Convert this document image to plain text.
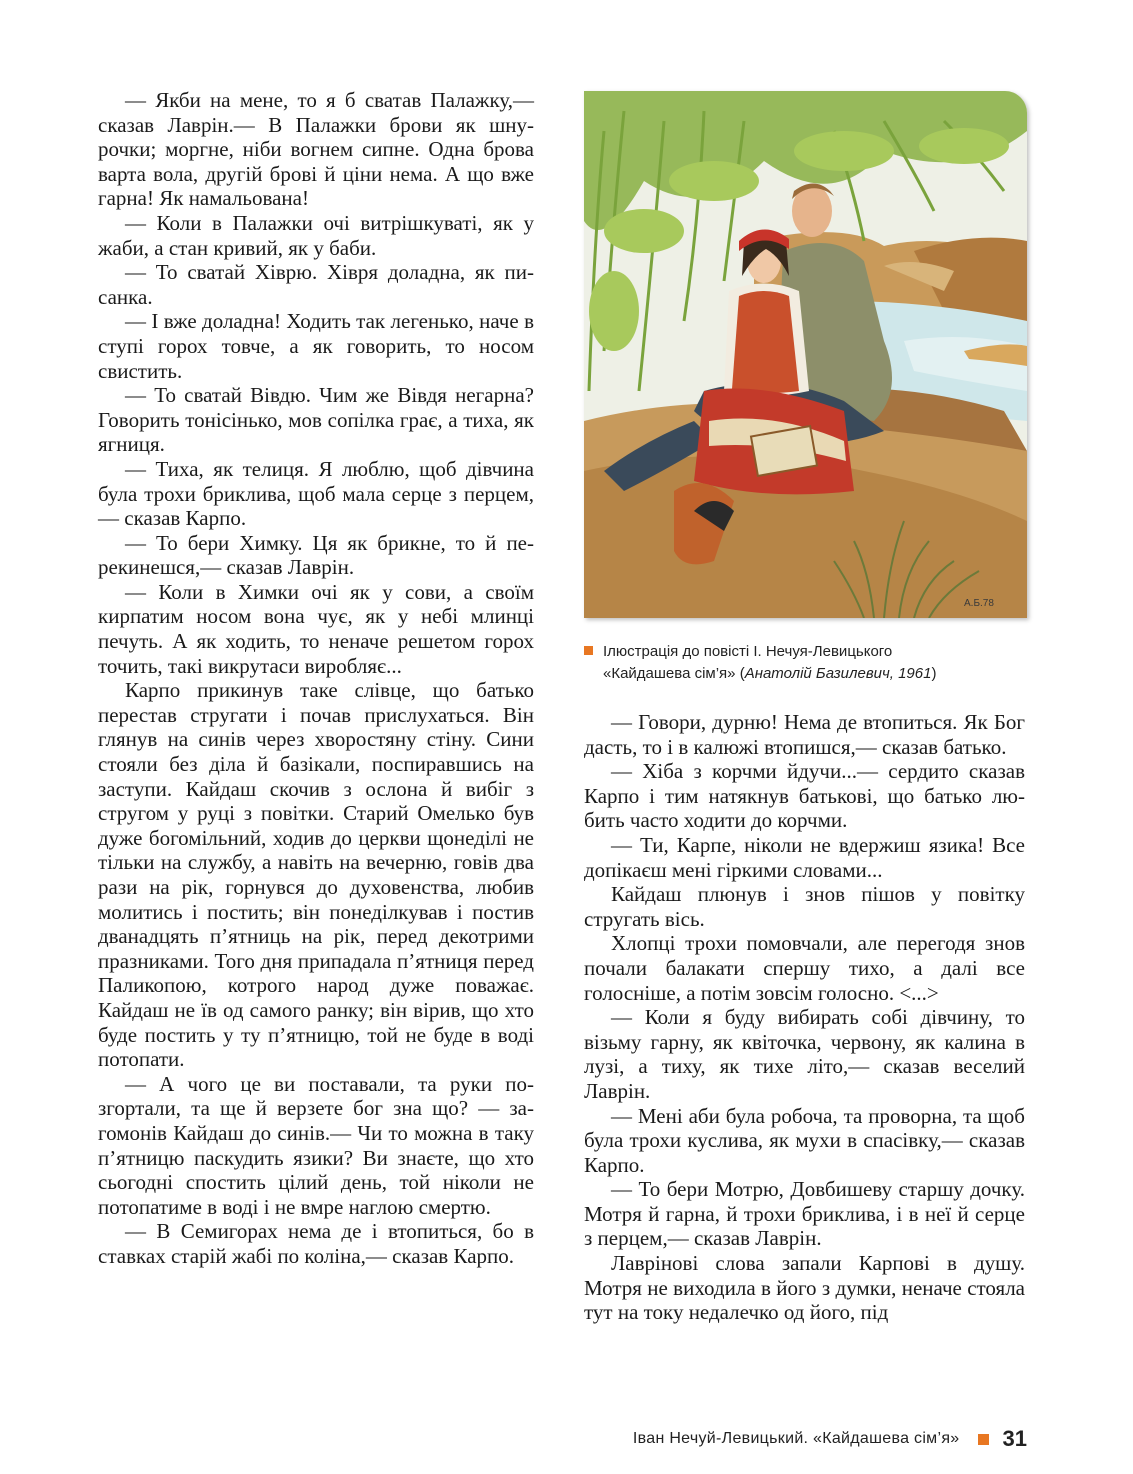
— Якби на мене, то я б сватав Палажку,— сказав Лаврін.— В Палажки брови як шнурочки; моргне, ніби вогнем сипне. Одна брова варта вола, другій брові й ціни нема. А що вже гарна! Як намальована!

— Коли в Палажки очі витрішкуваті, як у жаби, а стан кривий, як у баби.

— То сватай Хіврю. Хівря доладна, як писанка.

— І вже доладна! Ходить так легенько, наче в ступі горох товче, а як говорить, то носом свистить.

— То сватай Вівдю. Чим же Вівдя негарна? Говорить тонісінько, мов сопілка грає, а тиха, як ягниця.

— Тиха, як телиця. Я люблю, щоб дівчина була трохи бриклива, щоб мала серце з перцем,— сказав Карпо.

— То бери Химку. Ця як брикне, то й перекинешся,— сказав Лаврін.

— Коли в Химки очі як у сови, а своїм кирпатим носом вона чує, як у небі млинці печуть. А як ходить, то неначе решетом горох точить, такі викрутаси виробляє...

Карпо прикинув таке слівце, що батько перестав стругати і почав прислухаться. Він глянув на синів через хворостяну стіну. Сини стояли без діла й базікали, поспиравшись на заступи. Кайдаш скочив з ослона й вибіг з стругом у руці з повітки. Старий Омелько був дуже богомільний, ходив до церкви щонеділі не тільки на службу, а навіть на вечерню, говів два рази на рік, горнувся до духовенства, любив молитись і постить; він понеділкував і постив дванадцять п’ятниць на рік, перед декотрими празниками. Того дня припадала п’ятниця перед Паликопою, котрого народ дуже поважає. Кайдаш не їв од самого ранку; він вірив, що хто буде постить у ту п’ятницю, той не буде в воді потопати.

— А чого це ви поставали, та руки позгортали, та ще й верзете бог зна що? — загомонів Кайдаш до синів.— Чи то можна в таку п’ятницю паскудить язики? Ви знаєте, що хто сьогодні спостить цілий день, той ніколи не потопатиме в воді і не вмре наглою смертю.

— В Семигорах нема де і втопиться, бо в ставках старій жабі по коліна,— сказав Карпо.

— Говори, дурню! Нема де втопиться. Як Бог дасть, то і в калюжі втопишся,— сказав батько.

— Хіба з корчми йдучи...— сердито сказав Карпо і тим натякнув батькові, що батько любить часто ходити до корчми.

— Ти, Карпе, ніколи не вдержиш язика! Все допікаєш мені гіркими словами...

Кайдаш плюнув і знов пішов у повітку стругать вісь.

Хлопці трохи помовчали, але перегодя знов почали балакати спершу тихо, а далі все голосніше, а потім зовсім голосно. <...>

— Коли я буду вибирать собі дівчину, то візьму гарну, як квіточка, червону, як калина в лузі, а тиху, як тихе літо,— сказав веселий Лаврін.

— Мені аби була робоча, та проворна, та щоб була трохи куслива, як мухи в спасівку,— сказав Карпо.

— То бери Мотрю, Довбишеву старшу дочку. Мотря й гарна, й трохи бриклива, і в неї й серце з перцем,— сказав Лаврін.

Лаврінові слова запали Карпові в душу. Мотря не виходила в його з думки, неначе стояла тут на току недалечко од його, під

А.Б.78
Ілюстрація до повісті І. Нечуя-Левицького
«Кайдашева сім’я» (Анатолій Базилевич, 1961)
Іван Нечуй-Левицький. «Кайдашева сім’я» 31
